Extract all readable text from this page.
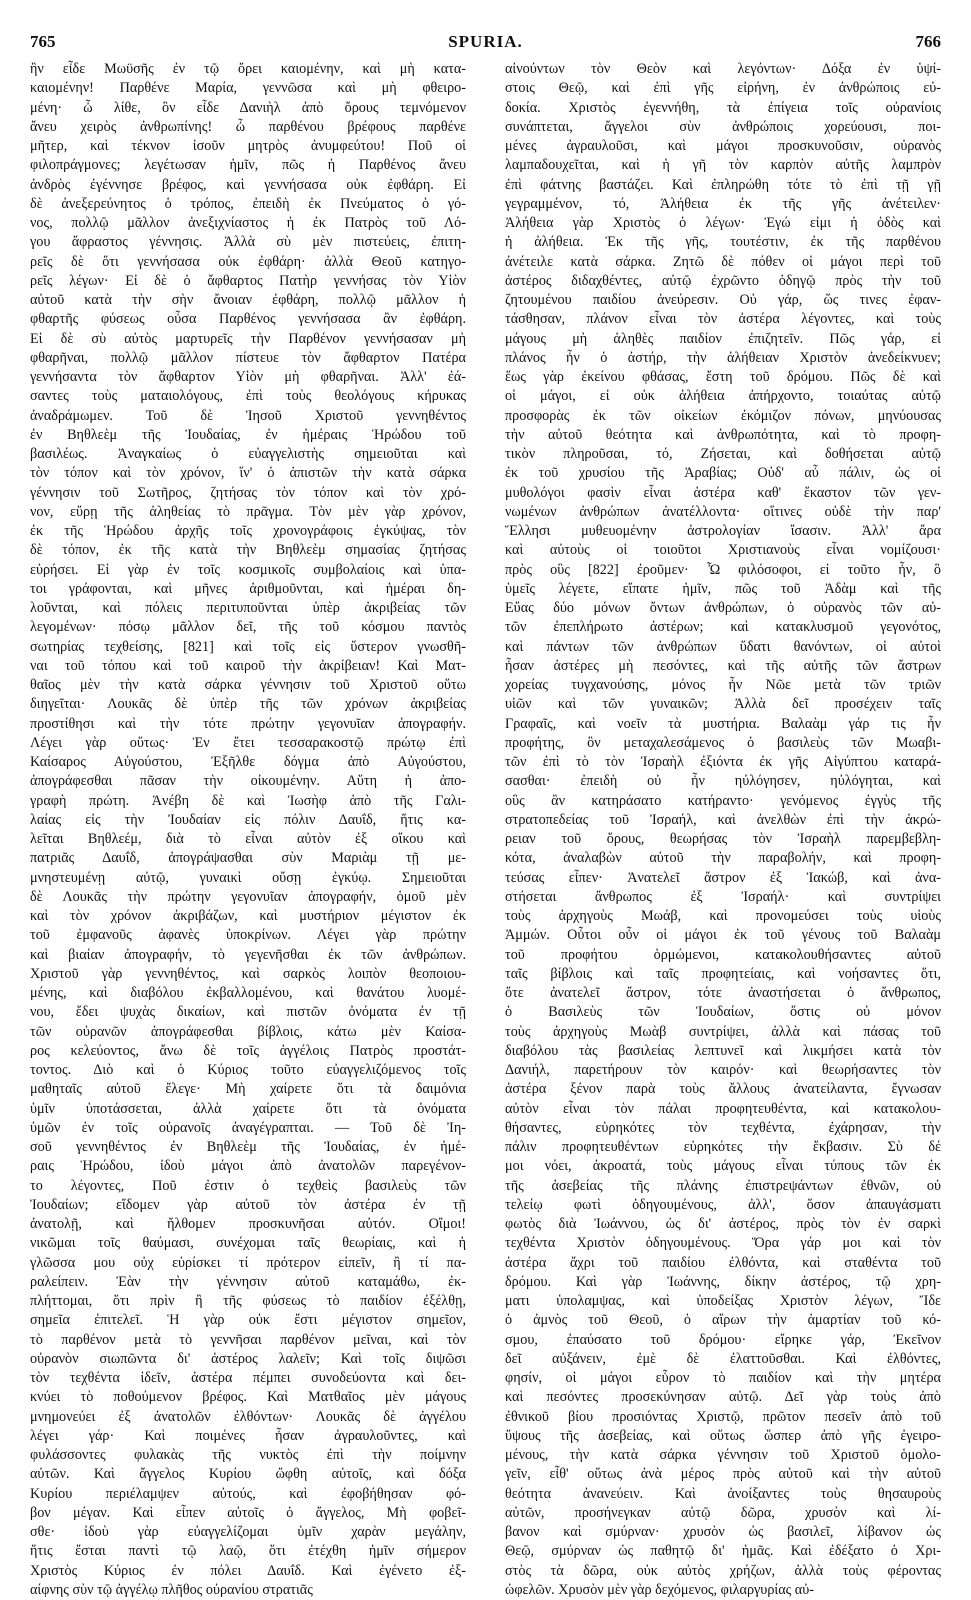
765	SPURIA.	766
ἣν εἶδε Μωϋσῆς ἐν τῷ ὄρει καιομένην, καὶ μὴ κατα-
καιομένην! Παρθένε Μαρία, γεννῶσα καὶ μὴ φθειρο-
μένη· ὦ λίθε, ὃν εἶδε Δανιὴλ ἀπὸ ὄρους τεμνόμενον
ἄνευ χειρὸς ἀνθρωπίνης! ὦ παρθένου βρέφους παρθένε
μῆτερ, καὶ τέκνον ἰσοῦν μητρὸς ἀνυμφεύτου! Ποῦ οἱ
φιλοπράγμονες; λεγέτωσαν ἡμῖν, πῶς ἡ Παρθένος ἄνευ
ἀνδρὸς ἐγέννησε βρέφος, καὶ γεννήσασα οὐκ ἐφθάρη. Εἰ
δὲ ἀνεξερεύνητος ὁ τρόπος, ἐπειδὴ ἐκ Πνεύματος ὁ γό-
νος, πολλῷ μᾶλλον ἀνεξιχνίαστος ἡ ἐκ Πατρὸς τοῦ Λό-
γου ἄφραστος γέννησις. Ἀλλὰ σὺ μὲν πιστεύεις, ἐπιτη-
ρεῖς δὲ ὅτι γεννήσασα οὐκ ἐφθάρη· ἀλλὰ Θεοῦ κατηγο-
ρεῖς λέγων· Εἰ δὲ ὁ ἄφθαρτος Πατὴρ γεννήσας τὸν Υἱὸν
αὐτοῦ κατὰ τὴν σὴν ἄνοιαν ἐφθάρη, πολλῷ μᾶλλον ἡ
φθαρτῆς φύσεως οὖσα Παρθένος γεννήσασα ἂν ἐφθάρη.
Εἰ δὲ σὺ αὐτὸς μαρτυρεῖς τὴν Παρθένον γεννήσασαν μὴ
φθαρῆναι, πολλῷ μᾶλλον πίστευε τὸν ἄφθαρτον Πατέρα
γεννήσαντα τὸν ἄφθαρτον Υἱὸν μὴ φθαρῆναι. Ἀλλ' ἐά-
σαντες τοὺς ματαιολόγους, ἐπὶ τοὺς θεολόγους κήρυκας
ἀναδράμωμεν. Τοῦ δὲ Ἰησοῦ Χριστοῦ γεννηθέντος
ἐν Βηθλεὲμ τῆς Ἰουδαίας, ἐν ἡμέραις Ἡρώδου τοῦ
βασιλέως. Ἀναγκαίως ὁ εὐαγγελιστὴς σημειοῦται καὶ
τὸν τόπον καὶ τὸν χρόνον, ἵν' ὁ ἀπιστῶν τὴν κατὰ σάρκα
γέννησιν τοῦ Σωτῆρος, ζητήσας τὸν τόπον καὶ τὸν χρό-
νον, εὕρῃ τῆς ἀληθείας τὸ πρᾶγμα. Τὸν μὲν γὰρ χρόνον,
ἐκ τῆς Ἡρώδου ἀρχῆς τοῖς χρονογράφοις ἐγκύψας, τὸν
δὲ τόπον, ἐκ τῆς κατὰ τὴν Βηθλεὲμ σημασίας ζητήσας
εὑρήσει. Εἰ γὰρ ἐν τοῖς κοσμικοῖς συμβολαίοις καὶ ὑπα-
τοι γράφονται, καὶ μῆνες ἀριθμοῦνται, καὶ ἡμέραι δη-
λοῦνται, καὶ πόλεις περιτυποῦνται ὑπὲρ ἀκριβείας τῶν
λεγομένων· πόσῳ μᾶλλον δεῖ, τῆς τοῦ κόσμου παντὸς
σωτηρίας τεχθείσης, [821] καὶ τοῖς εἰς ὕστερον γνωσθῆ-
ναι τοῦ τόπου καὶ τοῦ καιροῦ τὴν ἀκρίβειαν! Καὶ Ματ-
θαῖος μὲν τὴν κατὰ σάρκα γέννησιν τοῦ Χριστοῦ οὕτω
διηγεῖται· Λουκᾶς δὲ ὑπὲρ τῆς τῶν χρόνων ἀκριβείας
προστίθησι καὶ τὴν τότε πρώτην γεγονυῖαν ἀπογραφήν.
Λέγει γὰρ οὕτως· Ἐν ἔτει τεσσαρακοστῷ πρώτῳ ἐπὶ
Καίσαρος Αὐγούστου, Ἐξῆλθε δόγμα ἀπὸ Αὐγούστου,
ἀπογράφεσθαι πᾶσαν τὴν οἰκουμένην. Αὕτη ἡ ἀπο-
γραφὴ πρώτη. Ἀνέβη δὲ καὶ Ἰωσὴφ ἀπὸ τῆς Γαλι-
λαίας εἰς τὴν Ἰουδαίαν εἰς πόλιν Δαυΐδ, ἥτις κα-
λεῖται Βηθλεέμ, διὰ τὸ εἶναι αὐτὸν ἐξ οἴκου καὶ
πατριᾶς Δαυΐδ, ἀπογράψασθαι σὺν Μαριὰμ τῇ με-
μνηστευμένῃ αὐτῷ, γυναικὶ οὔσῃ ἐγκύῳ. Σημειοῦται
δὲ Λουκᾶς τὴν πρώτην γεγονυῖαν ἀπογραφήν, ὁμοῦ μὲν
καὶ τὸν χρόνον ἀκριβάζων, καὶ μυστήριον μέγιστον ἐκ
τοῦ ἐμφανοῦς ἀφανὲς ὑποκρίνων. Λέγει γὰρ πρώτην
καὶ βιαίαν ἀπογραφήν, τὸ γεγενῆσθαι ἐκ τῶν ἀνθρώπων.
Χριστοῦ γὰρ γεννηθέντος, καὶ σαρκὸς λοιπὸν θεοποιου-
μένης, καὶ διαβόλου ἐκβαλλομένου, καὶ θανάτου λυομέ-
νου, ἔδει ψυχὰς δικαίων, καὶ πιστῶν ὀνόματα ἐν τῇ
τῶν οὐρανῶν ἀπογράφεσθαι βίβλοις, κάτω μὲν Καίσα-
ρος κελεύοντος, ἄνω δὲ τοῖς ἀγγέλοις Πατρὸς προστάτ-
τοντος. Διὸ καὶ ὁ Κύριος τοῦτο εὐαγγελιζόμενος τοῖς
μαθηταῖς αὐτοῦ ἔλεγε· Μὴ χαίρετε ὅτι τὰ δαιμόνια
ὑμῖν ὑποτάσσεται, ἀλλὰ χαίρετε ὅτι τὰ ὀνόματα
ὑμῶν ἐν τοῖς οὐρανοῖς ἀναγέγραπται. — Τοῦ δὲ Ἰη-
σοῦ γεννηθέντος ἐν Βηθλεὲμ τῆς Ἰουδαίας, ἐν ἡμέ-
ραις Ἡρώδου, ἰδοὺ μάγοι ἀπὸ ἀνατολῶν παρεγένον-
το λέγοντες, Ποῦ ἐστιν ὁ τεχθεὶς βασιλεὺς τῶν
Ἰουδαίων; εἴδομεν γὰρ αὐτοῦ τὸν ἀστέρα ἐν τῇ
ἀνατολῇ, καὶ ἤλθομεν προσκυνῆσαι αὐτόν. Οἴμοι!
νικῶμαι τοῖς θαύμασι, συνέχομαι ταῖς θεωρίαις, καὶ ἡ
γλῶσσα μου οὐχ εὑρίσκει τί πρότερον εἰπεῖν, ἢ τί πα-
ραλείπειν. Ἐὰν τὴν γέννησιν αὐτοῦ καταμάθω, ἐκ-
πλήττομαι, ὅτι πρὶν ἢ τῆς φύσεως τὸ παιδίον ἐξέλθῃ,
σημεῖα ἐπιτελεῖ. Ἡ γὰρ οὐκ ἔστι μέγιστον σημεῖον,
τὸ παρθένον μετὰ τὸ γεννῆσαι παρθένον μεῖναι, καὶ τὸν
οὐρανὸν σιωπῶντα δι' ἀστέρος λαλεῖν; Καὶ τοῖς διψῶσι
τὸν τεχθέντα ἰδεῖν, ἀστέρα πέμπει συνοδεύοντα καὶ δει-
κνύει τὸ ποθούμενον βρέφος. Καὶ Ματθαῖος μὲν μάγους
μνημονεύει ἐξ ἀνατολῶν ἐλθόντων· Λουκᾶς δὲ ἀγγέλου
λέγει γάρ· Καὶ ποιμένες ἦσαν ἀγραυλοῦντες, καὶ
φυλάσσοντες φυλακὰς τῆς νυκτὸς ἐπὶ τὴν ποίμνην
αὐτῶν. Καὶ ἄγγελος Κυρίου ὤφθη αὐτοῖς, καὶ δόξα
Κυρίου περιέλαμψεν αὐτούς, καὶ ἐφοβήθησαν φό-
βον μέγαν. Καὶ εἶπεν αὐτοῖς ὁ ἄγγελος, Μὴ φοβεῖ-
σθε· ἰδοὺ γὰρ εὐαγγελίζομαι ὑμῖν χαρὰν μεγάλην,
ἥτις ἔσται παντὶ τῷ λαῷ, ὅτι ἐτέχθη ἡμῖν σήμερον
Χριστὸς Κύριος ἐν πόλει Δαυΐδ. Καὶ ἐγένετο ἐξ-
αίφνης σὺν τῷ ἀγγέλῳ πλῆθος οὐρανίου στρατιᾶς
αἰνούντων τὸν Θεὸν καὶ λεγόντων· Δόξα ἐν ὑψί-
στοις Θεῷ, καὶ ἐπὶ γῆς εἰρήνη, ἐν ἀνθρώποις εὐ-
δοκία. Χριστὸς ἐγεννήθη, τὰ ἐπίγεια τοῖς οὐρανίοις
συνάπτεται, ἄγγελοι σὺν ἀνθρώποις χορεύουσι, ποι-
μένες ἀγραυλοῦσι, καὶ μάγοι προσκυνοῦσιν, οὐρανὸς
λαμπαδουχεῖται, καὶ ἡ γῆ τὸν καρπὸν αὐτῆς λαμπρὸν
ἐπὶ φάτνης βαστάζει. Καὶ ἐπληρώθη τότε τὸ ἐπὶ τῇ γῇ
γεγραμμένον, τό, Ἀλήθεια ἐκ τῆς γῆς ἀνέτειλεν·
Ἀλήθεια γὰρ Χριστὸς ὁ λέγων· Ἐγώ εἰμι ἡ ὁδὸς καὶ
ἡ ἀλήθεια. Ἐκ τῆς γῆς, τουτέστιν, ἐκ τῆς παρθένου
ἀνέτειλε κατὰ σάρκα. Ζητῶ δὲ πόθεν οἱ μάγοι περὶ τοῦ
ἀστέρος διδαχθέντες, αὐτῷ ἐχρῶντο ὁδηγῷ πρὸς τὴν τοῦ
ζητουμένου παιδίου ἀνεύρεσιν. Οὐ γάρ, ὥς τινες ἐφαν-
τάσθησαν, πλάνον εἶναι τὸν ἀστέρα λέγοντες, καὶ τοὺς
μάγους μὴ ἀληθὲς παιδίον ἐπιζητεῖν. Πῶς γάρ, εἰ
πλάνος ἦν ὁ ἀστήρ, τὴν ἀλήθειαν Χριστὸν ἀνεδείκνυεν;
ἕως γὰρ ἐκείνου φθάσας, ἔστη τοῦ δρόμου. Πῶς δὲ καὶ
οἱ μάγοι, εἰ οὐκ ἀλήθεια ἀπήρχοντο, τοιαύτας αὐτῷ
προσφορὰς ἐκ τῶν οἰκείων ἐκόμιζον πόνων, μηνύουσας
τὴν αὐτοῦ θεότητα καὶ ἀνθρωπότητα, καὶ τὸ προφη-
τικὸν πληροῦσαι, τό, Ζήσεται, καὶ δοθήσεται αὐτῷ
ἐκ τοῦ χρυσίου τῆς Ἀραβίας; Οὐδ' αὖ πάλιν, ὡς οἱ
μυθολόγοι φασὶν εἶναι ἀστέρα καθ' ἕκαστον τῶν γεν-
νωμένων ἀνθρώπων ἀνατέλλοντα· οἵτινες οὐδὲ τὴν παρ'
Ἕλλησι μυθευομένην ἀστρολογίαν ἴσασιν. Ἀλλ' ἄρα
καὶ αὐτοὺς οἱ τοιοῦτοι Χριστιανοὺς εἶναι νομίζουσι·
πρὸς οὓς [822] ἐροῦμεν· Ὦ φιλόσοφοι, εἰ τοῦτο ἦν, ὃ
ὑμεῖς λέγετε, εἴπατε ἡμῖν, πῶς τοῦ Ἀδὰμ καὶ τῆς
Εὔας δύο μόνων ὄντων ἀνθρώπων, ὁ οὐρανὸς τῶν αὐ-
τῶν ἐπεπλήρωτο ἀστέρων; καὶ κατακλυσμοῦ γεγονότος,
καὶ πάντων τῶν ἀνθρώπων ὕδατι θανόντων, οἱ αὐτοὶ
ἦσαν ἀστέρες μὴ πεσόντες, καὶ τῆς αὐτῆς τῶν ἄστρων
χορείας τυγχανούσης, μόνος ἦν Νῶε μετὰ τῶν τριῶν
υἱῶν καὶ τῶν γυναικῶν; Ἀλλὰ δεῖ προσέχειν ταῖς
Γραφαῖς, καὶ νοεῖν τὰ μυστήρια. Βαλαὰμ γάρ τις ἦν
προφήτης, ὃν μεταχαλεσάμενος ὁ βασιλεὺς τῶν Μωαβι-
τῶν ἐπὶ τὸ τὸν Ἰσραὴλ ἐξιόντα ἐκ γῆς Αἰγύπτου καταρά-
σασθαι· ἐπειδὴ οὐ ἦν ηὐλόγησεν, ηὐλόγηται, καὶ
οὓς ἂν κατηράσατο κατήραντο· γενόμενος ἐγγὺς τῆς
στρατοπεδείας τοῦ Ἰσραήλ, καὶ ἀνελθὼν ἐπὶ τὴν ἀκρώ-
ρειαν τοῦ ὄρους, θεωρήσας τὸν Ἰσραὴλ παρεμβεβλη-
κότα, ἀναλαβὼν αὐτοῦ τὴν παραβολήν, καὶ προφη-
τεύσας εἶπεν· Ἀνατελεῖ ἄστρον ἐξ Ἰακώβ, καὶ ἀνα-
στήσεται ἄνθρωπος ἐξ Ἰσραήλ· καὶ συντρίψει
τοὺς ἀρχηγοὺς Μωάβ, καὶ προνομεύσει τοὺς υἱοὺς
Ἀμμών. Οὗτοι οὖν οἱ μάγοι ἐκ τοῦ γένους τοῦ Βαλαὰμ
τοῦ προφήτου ὁρμώμενοι, κατακολουθήσαντες αὐτοῦ
ταῖς βίβλοις καὶ ταῖς προφητείαις, καὶ νοήσαντες ὅτι,
ὅτε ἀνατελεῖ ἄστρον, τότε ἀναστήσεται ὁ ἄνθρωπος,
ὁ Βασιλεὺς τῶν Ἰουδαίων, ὅστις οὐ μόνον
τοὺς ἀρχηγοὺς Μωὰβ συντρίψει, ἀλλὰ καὶ πάσας τοῦ
διαβόλου τὰς βασιλείας λεπτυνεῖ καὶ λικμήσει κατὰ τὸν
Δανιήλ, παρετήρουν τὸν καιρόν· καὶ θεωρήσαντες τὸν
ἀστέρα ξένον παρὰ τοὺς ἄλλους ἀνατείλαντα, ἔγνωσαν
αὐτὸν εἶναι τὸν πάλαι προφητευθέντα, καὶ κατακολου-
θήσαντες, εὑρηκότες τὸν τεχθέντα, ἐχάρησαν, τὴν
πάλιν προφητευθέντων εὑρηκότες τὴν ἔκβασιν. Σὺ δέ
μοι νόει, ἀκροατά, τοὺς μάγους εἶναι τύπους τῶν ἐκ
τῆς ἀσεβείας τῆς πλάνης ἐπιστρεψάντων ἐθνῶν, οὐ
τελείῳ φωτὶ ὁδηγουμένους, ἀλλ', ὅσον ἀπαυγάσματι
φωτὸς διὰ Ἰωάννου, ὡς δι' ἀστέρος, πρὸς τὸν ἐν σαρκὶ
τεχθέντα Χριστὸν ὁδηγουμένους. Ὅρα γάρ μοι καὶ τὸν
ἀστέρα ἄχρι τοῦ παιδίου ἐλθόντα, καὶ σταθέντα τοῦ
δρόμου. Καὶ γὰρ Ἰωάννης, δίκην ἀστέρος, τῷ χρη-
ματι ὑπολαμψας, καὶ ὑποδείξας Χριστὸν λέγων, Ἴδε
ὁ ἀμνὸς τοῦ Θεοῦ, ὁ αἴρων τὴν ἁμαρτίαν τοῦ κό-
σμου, ἐπαύσατο τοῦ δρόμου· εἴρηκε γάρ, Ἐκεῖνον
δεῖ αὐξάνειν, ἐμὲ δὲ ἐλαττοῦσθαι. Καὶ ἐλθόντες,
φησίν, οἱ μάγοι εὗρον τὸ παιδίον καὶ τὴν μητέρα
καὶ πεσόντες προσεκύνησαν αὐτῷ. Δεῖ γὰρ τοὺς ἀπὸ
ἐθνικοῦ βίου προσιόντας Χριστῷ, πρῶτον πεσεῖν ἀπὸ τοῦ
ὕψους τῆς ἀσεβείας, καὶ οὕτως ὥσπερ ἀπὸ γῆς ἐγειρο-
μένους, τὴν κατὰ σάρκα γέννησιν τοῦ Χριστοῦ ὁμολο-
γεῖν, εἶθ' οὕτως ἀνὰ μέρος πρὸς αὐτοῦ καὶ τὴν αὐτοῦ
θεότητα ἀνανεύειν. Καὶ ἀνοίξαντες τοὺς θησαυροὺς
αὐτῶν, προσήνεγκαν αὐτῷ δῶρα, χρυσὸν καὶ λί-
βανον καὶ σμύρναν· χρυσὸν ὡς βασιλεῖ, λίβανον ὡς
Θεῷ, σμύρναν ὡς παθητῷ δι' ἡμᾶς. Καὶ ἐδέξατο ὁ Χρι-
στὸς τὰ δῶρα, οὐκ αὐτὸς χρήζων, ἀλλὰ τοὺς φέροντας
ὠφελῶν. Χρυσὸν μὲν γὰρ δεχόμενος, φιλαργυρίας αὐ-
